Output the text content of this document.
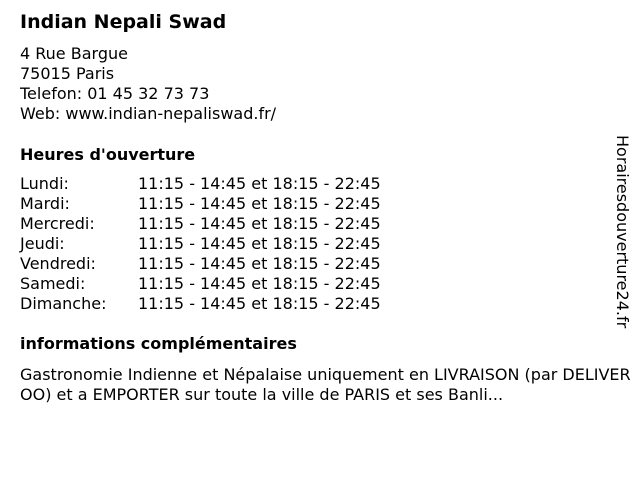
Indian Nepali Swad
4 Rue Bargue
75015 Paris
Telefon: 01 45 32 73 73
Web: www.indian-nepaliswad.fr/
Heures d'ouverture
Lundi:	11:15 - 14:45 et 18:15 - 22:45
Mardi:	11:15 - 14:45 et 18:15 - 22:45
Mercredi:	11:15 - 14:45 et 18:15 - 22:45
Jeudi:	11:15 - 14:45 et 18:15 - 22:45
Vendredi:	11:15 - 14:45 et 18:15 - 22:45
Samedi:	11:15 - 14:45 et 18:15 - 22:45
Dimanche:	11:15 - 14:45 et 18:15 - 22:45
informations complémentaires
Gastronomie Indienne et Népalaise uniquement en LIVRAISON (par DELIVEROO) et a EMPORTER sur toute la ville de PARIS et ses Banli...
Horairesdouverture24.fr
